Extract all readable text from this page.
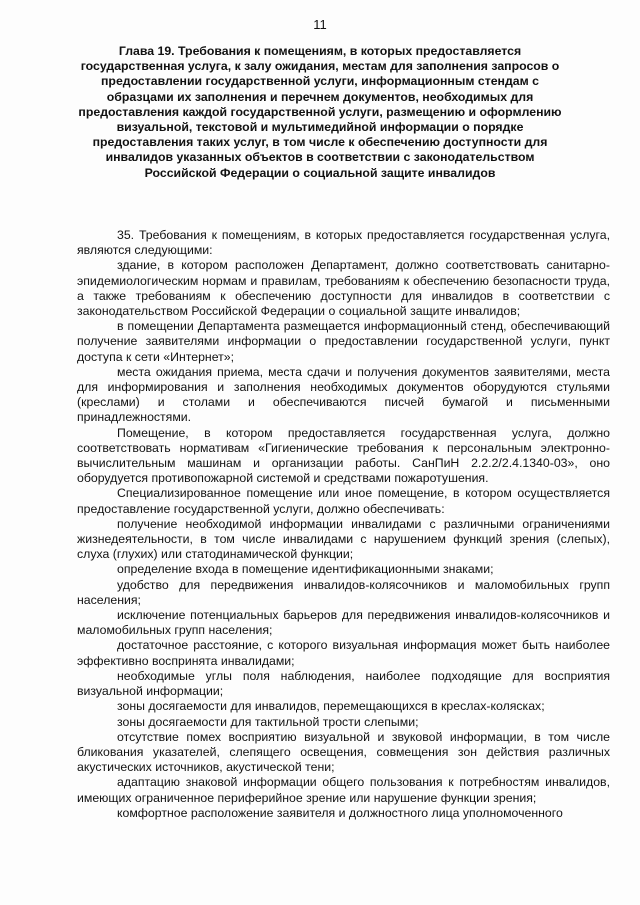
11
Глава 19. Требования к помещениям, в которых предоставляется государственная услуга, к залу ожидания, местам для заполнения запросов о предоставлении государственной услуги, информационным стендам с образцами их заполнения и перечнем документов, необходимых для предоставления каждой государственной услуги, размещению и оформлению визуальной, текстовой и мультимедийной информации о порядке предоставления таких услуг, в том числе к обеспечению доступности для инвалидов указанных объектов в соответствии с законодательством Российской Федерации о социальной защите инвалидов

35. Требования к помещениям, в которых предоставляется государственная услуга, являются следующими:

здание, в котором расположен Департамент, должно соответствовать санитарно-эпидемиологическим нормам и правилам, требованиям к обеспечению безопасности труда, а также требованиям к обеспечению доступности для инвалидов в соответствии с законодательством Российской Федерации о социальной защите инвалидов;

в помещении Департамента размещается информационный стенд, обеспечивающий получение заявителями информации о предоставлении государственной услуги, пункт доступа к сети «Интернет»;

места ожидания приема, места сдачи и получения документов заявителями, места для информирования и заполнения необходимых документов оборудуются стульями (креслами) и столами и обеспечиваются писчей бумагой и письменными принадлежностями.

Помещение, в котором предоставляется государственная услуга, должно соответствовать нормативам «Гигиенические требования к персональным электронно-вычислительным машинам и организации работы. СанПиН 2.2.2/2.4.1340-03», оно оборудуется противопожарной системой и средствами пожаротушения.

Специализированное помещение или иное помещение, в котором осуществляется предоставление государственной услуги, должно обеспечивать:

получение необходимой информации инвалидами с различными ограничениями жизнедеятельности, в том числе инвалидами с нарушением функций зрения (слепых), слуха (глухих) или статодинамической функции;

определение входа в помещение идентификационными знаками;

удобство для передвижения инвалидов-колясочников и маломобильных групп населения;

исключение потенциальных барьеров для передвижения инвалидов-колясочников и маломобильных групп населения;

достаточное расстояние, с которого визуальная информация может быть наиболее эффективно воспринята инвалидами;

необходимые углы поля наблюдения, наиболее подходящие для восприятия визуальной информации;

зоны досягаемости для инвалидов, перемещающихся в креслах-колясках;

зоны досягаемости для тактильной трости слепыми;

отсутствие помех восприятию визуальной и звуковой информации, в том числе бликования указателей, слепящего освещения, совмещения зон действия различных акустических источников, акустической тени;

адаптацию знаковой информации общего пользования к потребностям инвалидов, имеющих ограниченное периферийное зрение или нарушение функции зрения;

комфортное расположение заявителя и должностного лица уполномоченного
